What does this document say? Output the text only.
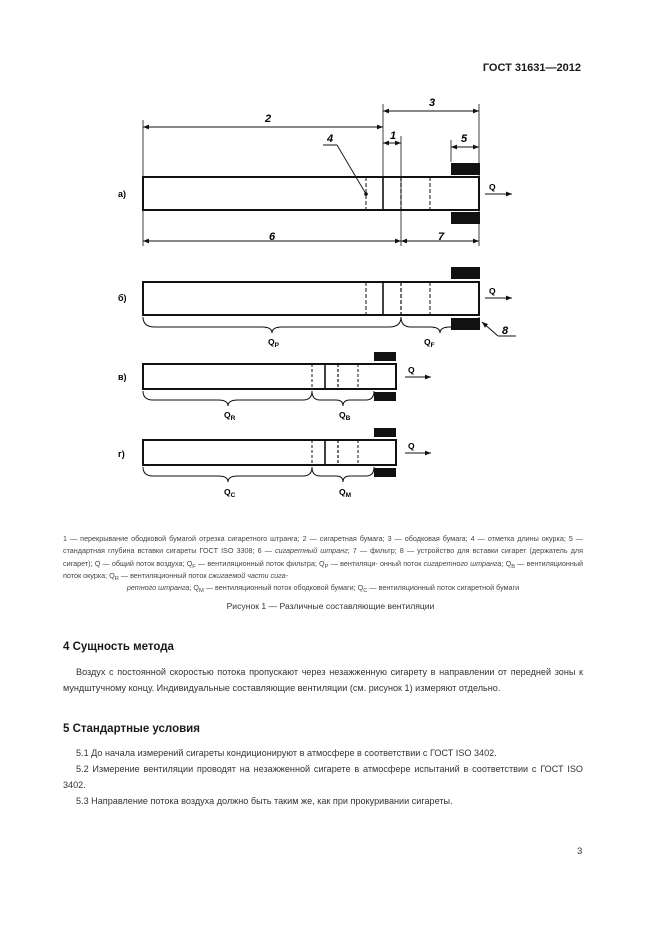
ГОСТ 31631—2012
а)
2
3
1	5
4
Q
6	7
б)
Q
$Q_P$	$Q_F$
8
в)
Q
$Q_R$	$Q_B$
г)
Q
$Q_C$	$Q_M$
1 — перекрывание ободковой бумагой отрезка сигаретного штранга; 2 — сигаретная бумага; 3 — ободковая бумага; 4 — отметка длины окурка; 5 — стандартная глубина вставки сигареты ГОСТ ISO 3308; 6 — сигаретный штранг; 7 — фильтр; 8 — устройство для вставки сигарет (держатель для сигарет); Q — общий поток воздуха; $Q_F$ — вентиляционный поток фильтра; $Q_P$ — вентиляци- онный поток сигаретного штранга; $Q_B$ — вентиляционный поток окурка; $Q_R$ — вентиляционный поток сжигаемой части сига-
ретного штранга; $Q_M$ — вентиляционный поток ободковой бумаги; $Q_C$ — вентиляционный поток сигаретной бумаги
Рисунок 1 — Различные составляющие вентиляции
4 Сущность метода
Воздух с постоянной скоростью потока пропускают через незажженную сигарету в направлении от передней зоны к мундштучному концу. Индивидуальные составляющие вентиляции (см. рисунок 1) измеряют отдельно.
5 Стандартные условия
5.1 До начала измерений сигареты кондиционируют в атмосфере в соответствии с ГОСТ ISO 3402.
5.2 Измерение вентиляции проводят на незажженной сигарете в атмосфере испытаний в соответствии с ГОСТ ISO 3402.
5.3 Направление потока воздуха должно быть таким же, как при прокуривании сигареты.
3
